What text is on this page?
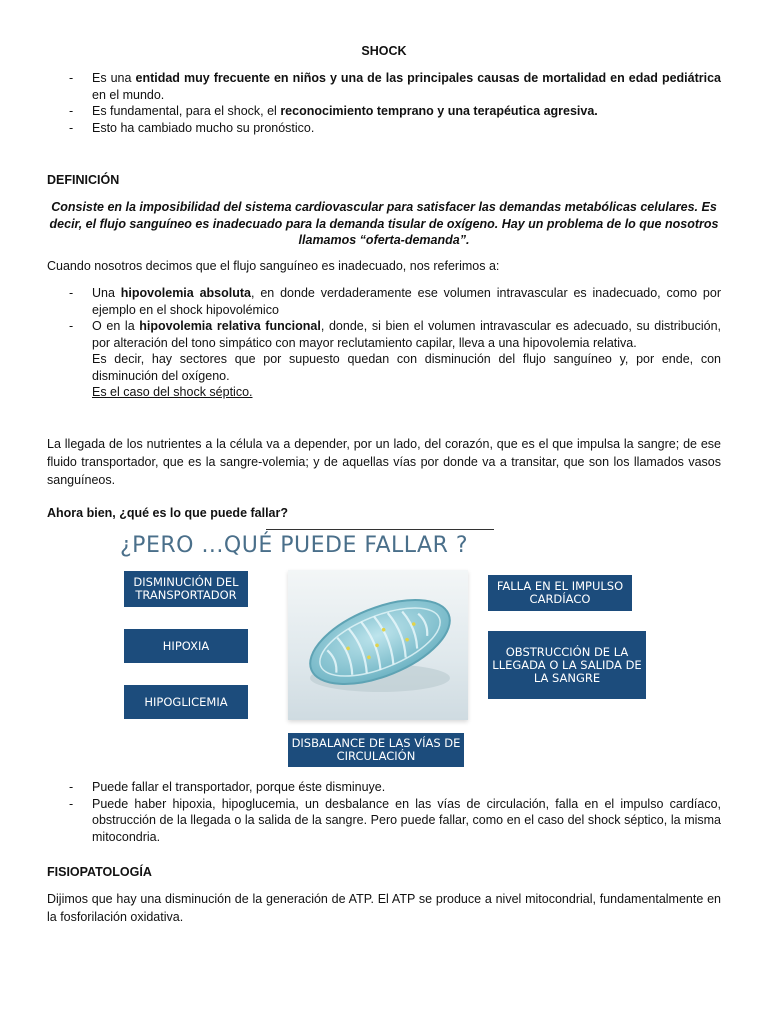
SHOCK
- Es una entidad muy frecuente en niños y una de las principales causas de mortalidad en edad pediátrica en el mundo.
- Es fundamental, para el shock, el reconocimiento temprano y una terapéutica agresiva.
- Esto ha cambiado mucho su pronóstico.
DEFINICIÓN
Consiste en la imposibilidad del sistema cardiovascular para satisfacer las demandas metabólicas celulares. Es decir, el flujo sanguíneo es inadecuado para la demanda tisular de oxígeno. Hay un problema de lo que nosotros llamamos “oferta-demanda”.
Cuando nosotros decimos que el flujo sanguíneo es inadecuado, nos referimos a:
- Una hipovolemia absoluta, en donde verdaderamente ese volumen intravascular es inadecuado, como por ejemplo en el shock hipovolémico
- O en la hipovolemia relativa funcional, donde, si bien el volumen intravascular es adecuado, su distribución, por alteración del tono simpático con mayor reclutamiento capilar, lleva a una hipovolemia relativa.
Es decir, hay sectores que por supuesto quedan con disminución del flujo sanguíneo y, por ende, con disminución del oxígeno.
Es el caso del shock séptico.
La llegada de los nutrientes a la célula va a depender, por un lado, del corazón, que es el que impulsa la sangre; de ese fluido transportador, que es la sangre-volemia; y de aquellas vías por donde va a transitar, que son los llamados vasos sanguíneos.
Ahora bien, ¿qué es lo que puede fallar?
¿PERO ...QUÉ PUEDE FALLAR ?
DISMINUCIÓN DEL TRANSPORTADOR
HIPOXIA
HIPOGLICEMIA
FALLA EN EL IMPULSO CARDÍACO
OBSTRUCCIÓN DE LA LLEGADA O LA SALIDA DE LA SANGRE
DISBALANCE DE LAS VÍAS DE CIRCULACIÓN
- Puede fallar el transportador, porque éste disminuye.
- Puede haber hipoxia, hipoglucemia, un desbalance en las vías de circulación, falla en el impulso cardíaco, obstrucción de la llegada o la salida de la sangre. Pero puede fallar, como en el caso del shock séptico, la misma mitocondria.
FISIOPATOLOGÍA
Dijimos que hay una disminución de la generación de ATP. El ATP se produce a nivel mitocondrial, fundamentalmente en la fosforilación oxidativa.
